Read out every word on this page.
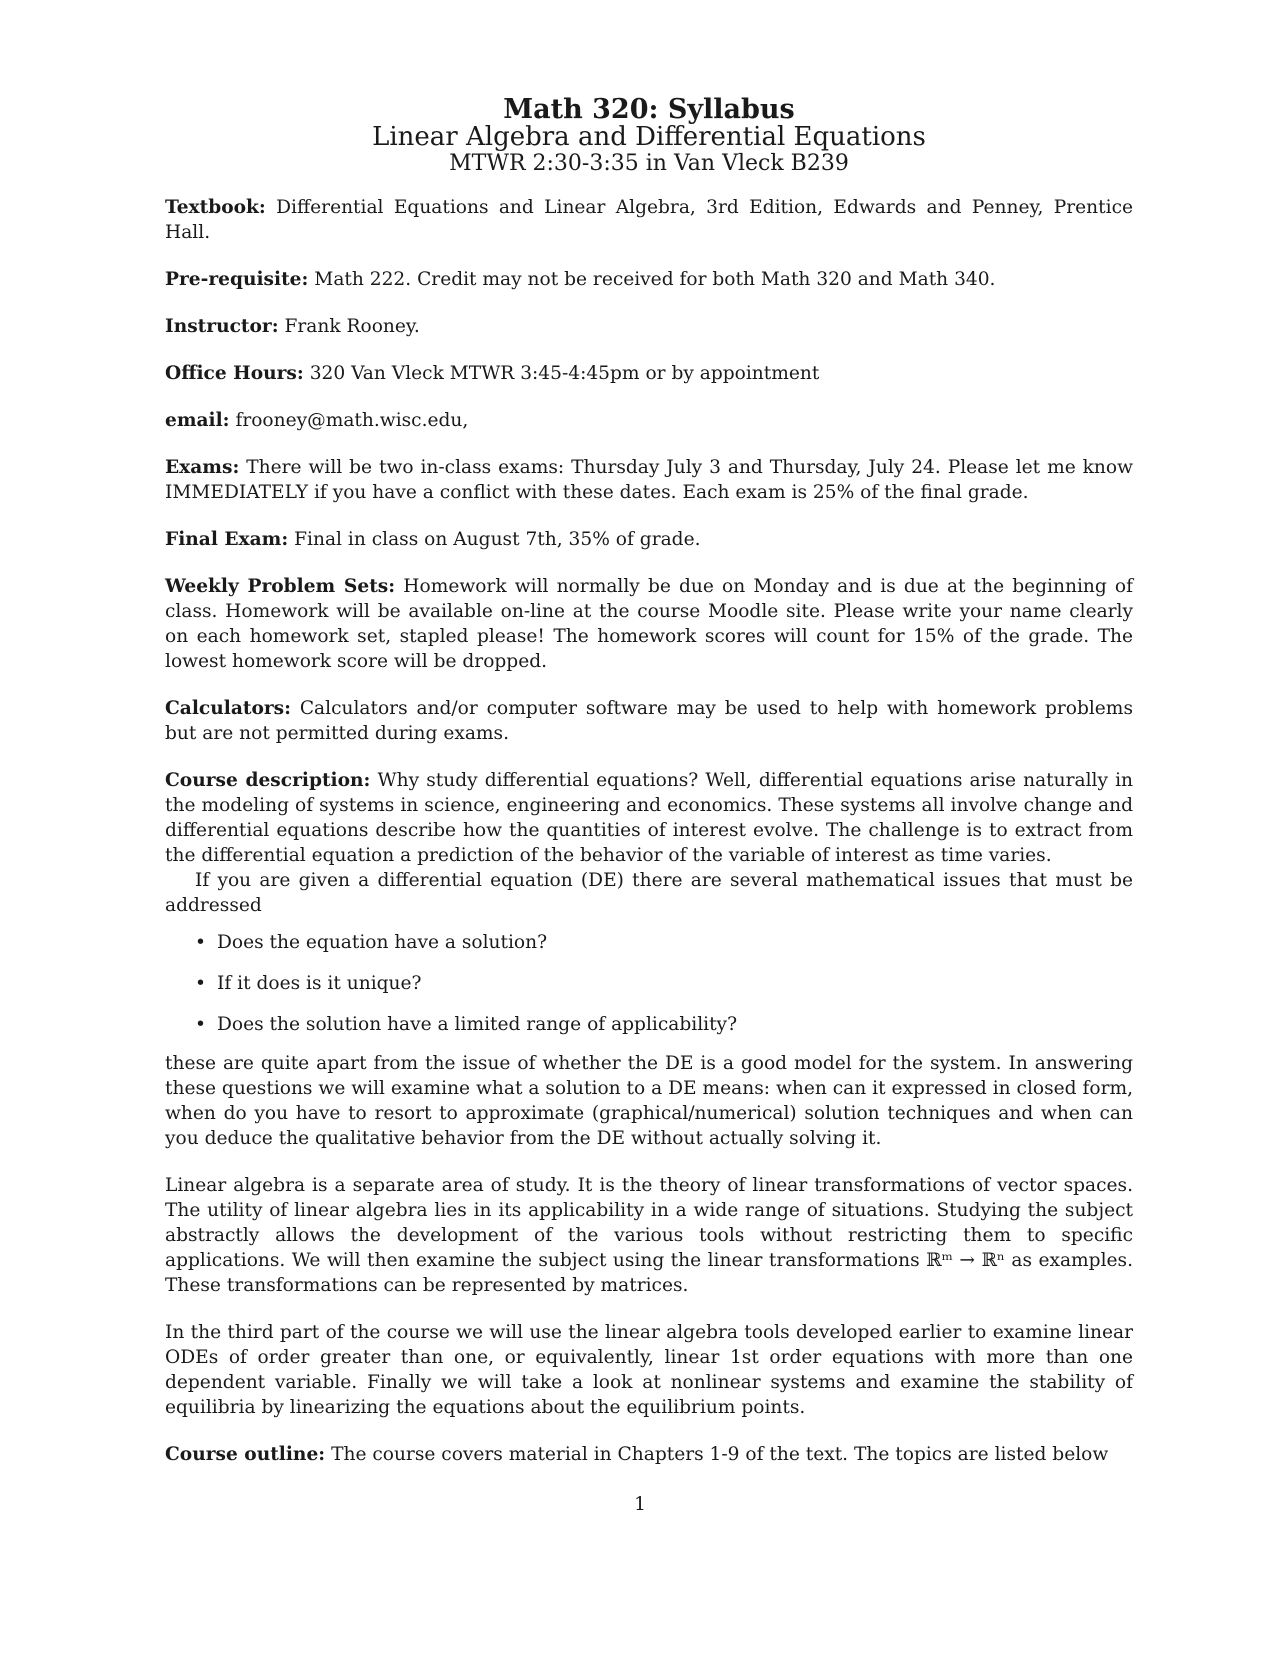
Math 320: Syllabus
Linear Algebra and Differential Equations
MTWR 2:30-3:35 in Van Vleck B239

Textbook: Differential Equations and Linear Algebra, 3rd Edition, Edwards and Penney, Prentice Hall.

Pre-requisite: Math 222. Credit may not be received for both Math 320 and Math 340.

Instructor: Frank Rooney.

Office Hours: 320 Van Vleck MTWR 3:45-4:45pm or by appointment

email: frooney@math.wisc.edu,

Exams: There will be two in-class exams: Thursday July 3 and Thursday, July 24. Please let me know IMMEDIATELY if you have a conflict with these dates. Each exam is 25% of the final grade.

Final Exam: Final in class on August 7th, 35% of grade.

Weekly Problem Sets: Homework will normally be due on Monday and is due at the beginning of class. Homework will be available on-line at the course Moodle site. Please write your name clearly on each homework set, stapled please! The homework scores will count for 15% of the grade. The lowest homework score will be dropped.

Calculators: Calculators and/or computer software may be used to help with homework problems but are not permitted during exams.

Course description: Why study differential equations? Well, differential equations arise naturally in the modeling of systems in science, engineering and economics. These systems all involve change and differential equations describe how the quantities of interest evolve. The challenge is to extract from the differential equation a prediction of the behavior of the variable of interest as time varies.

If you are given a differential equation (DE) there are several mathematical issues that must be addressed

• Does the equation have a solution?
• If it does is it unique?
• Does the solution have a limited range of applicability?

these are quite apart from the issue of whether the DE is a good model for the system. In answering these questions we will examine what a solution to a DE means: when can it expressed in closed form, when do you have to resort to approximate (graphical/numerical) solution techniques and when can you deduce the qualitative behavior from the DE without actually solving it.

Linear algebra is a separate area of study. It is the theory of linear transformations of vector spaces. The utility of linear algebra lies in its applicability in a wide range of situations. Studying the subject abstractly allows the development of the various tools without restricting them to specific applications. We will then examine the subject using the linear transformations ℝᵐ → ℝⁿ as examples. These transformations can be represented by matrices.

In the third part of the course we will use the linear algebra tools developed earlier to examine linear ODEs of order greater than one, or equivalently, linear 1st order equations with more than one dependent variable. Finally we will take a look at nonlinear systems and examine the stability of equilibria by linearizing the equations about the equilibrium points.

Course outline: The course covers material in Chapters 1-9 of the text. The topics are listed below

1
